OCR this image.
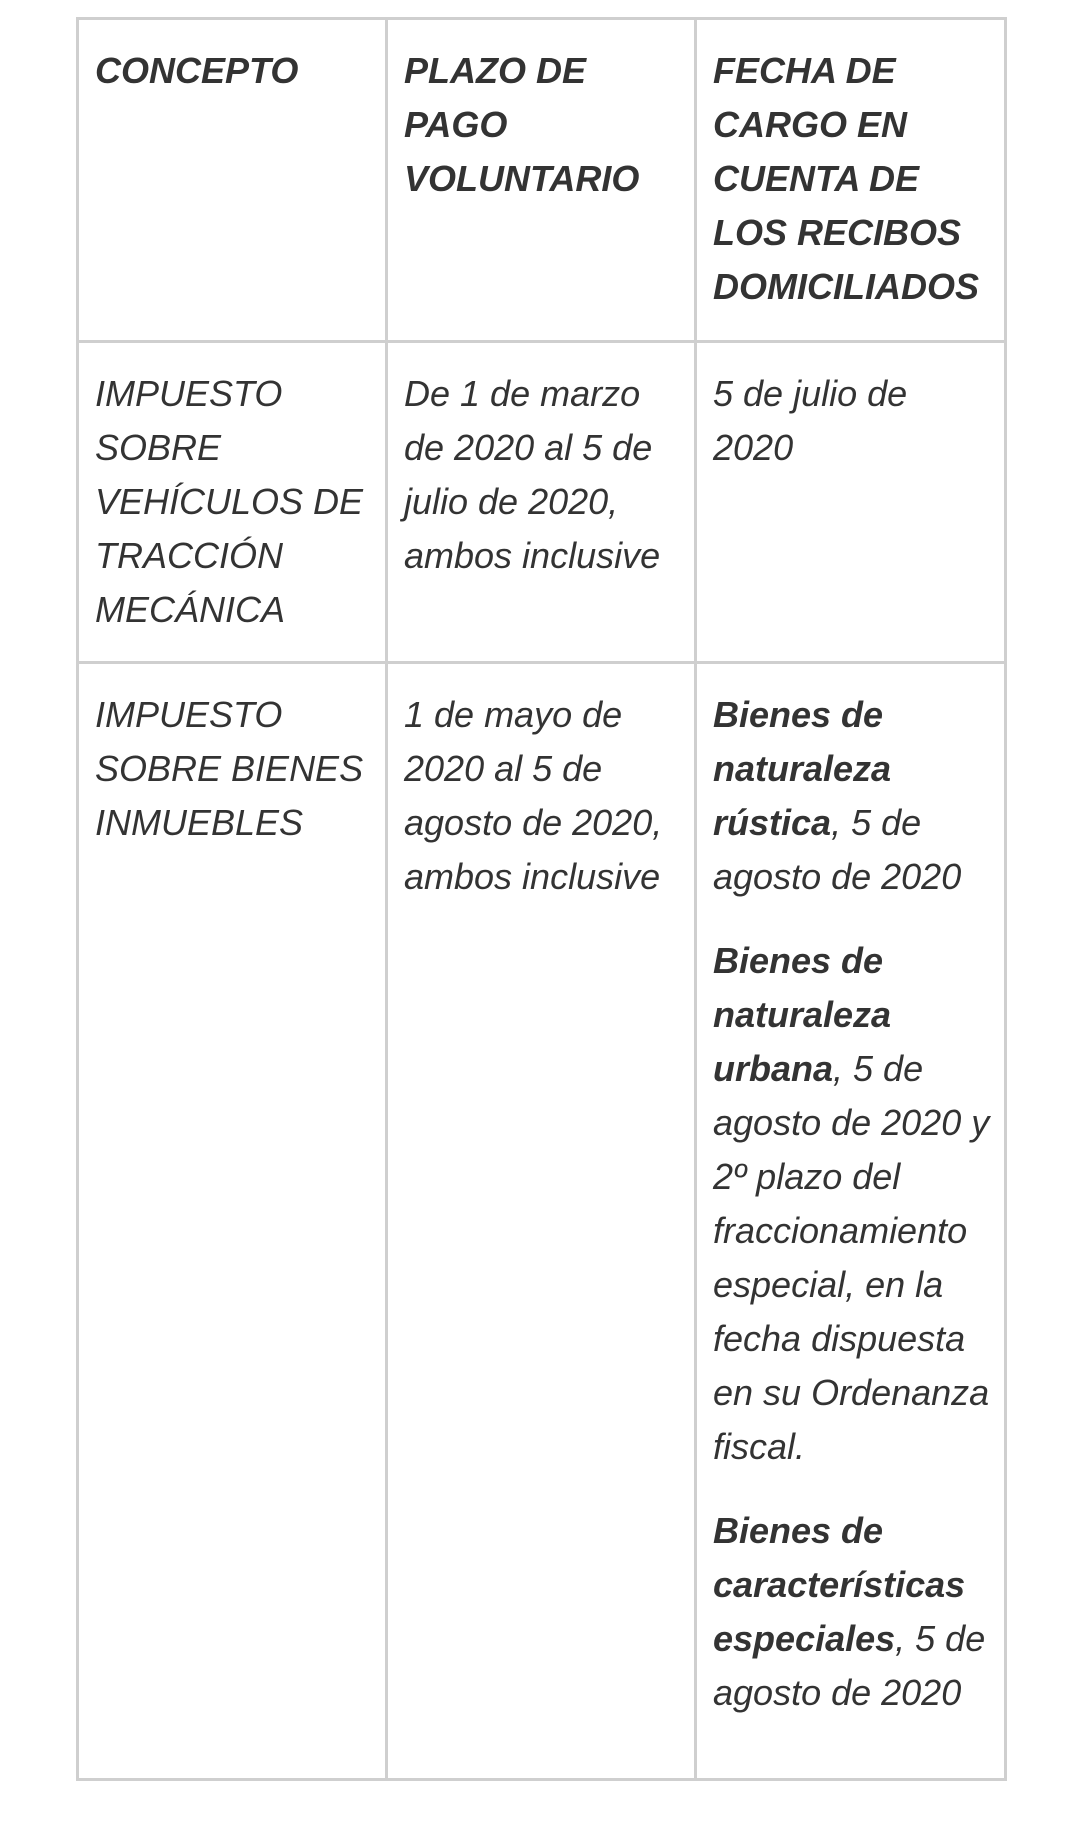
CONCEPTO	PLAZO DE PAGO VOLUNTARIO	FECHA DE CARGO EN CUENTA DE LOS RECIBOS DOMICILIADOS
IMPUESTO SOBRE VEHÍCULOS DE TRACCIÓN MECÁNICA	De 1 de marzo de 2020 al 5 de julio de 2020, ambos inclusive	5 de julio de 2020
IMPUESTO SOBRE BIENES INMUEBLES	1 de mayo de 2020 al 5 de agosto de 2020, ambos inclusive	Bienes de naturaleza rústica, 5 de agosto de 2020
Bienes de naturaleza urbana, 5 de agosto de 2020 y 2º plazo del fraccionamiento especial, en la fecha dispuesta en su Ordenanza fiscal.
Bienes de características especiales, 5 de agosto de 2020
